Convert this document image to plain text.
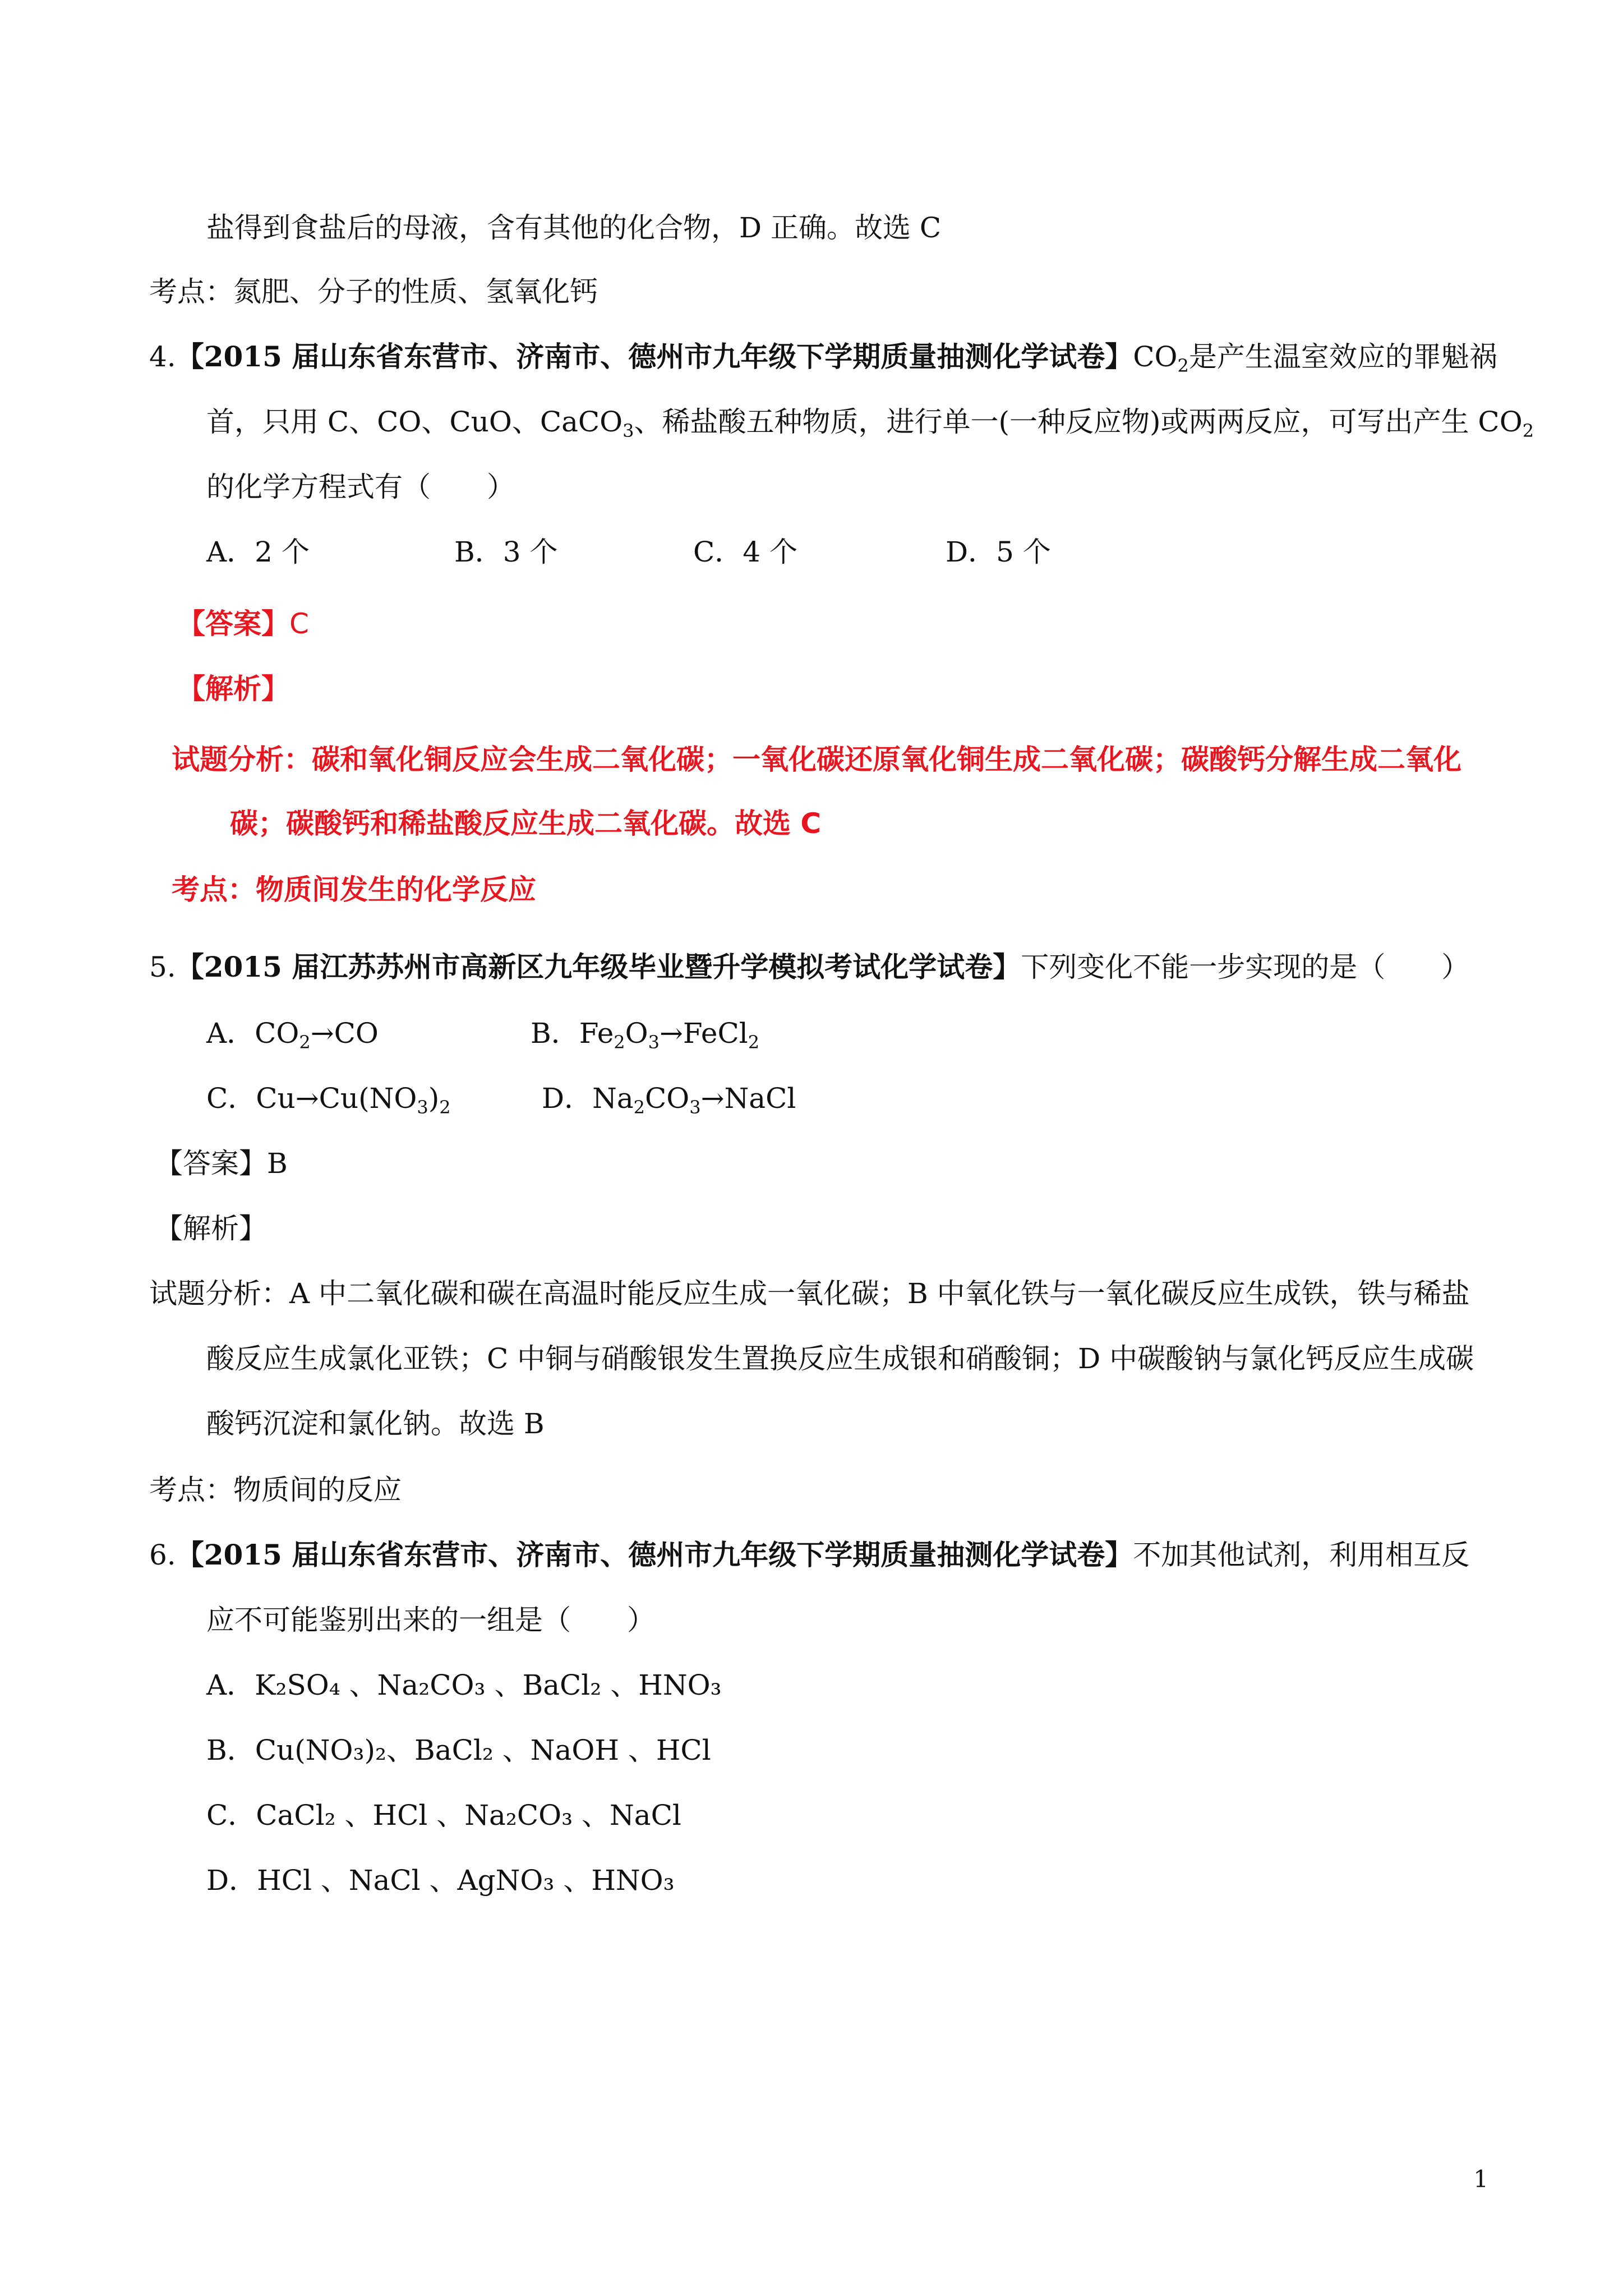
盐得到食盐后的母液，含有其他的化合物，D 正确。故选 C
考点：氮肥、分子的性质、氢氧化钙
4.【2015 届山东省东营市、济南市、德州市九年级下学期质量抽测化学试卷】$CO_2$是产生温室效应的罪魁祸
首，只用 C、CO、CuO、CaCO$_3$、稀盐酸五种物质，进行单一(一种反应物)或两两反应，可写出产生 $CO_2$
的化学方程式有（　　）
A．2 个	B．3 个	C．4 个	D．5 个
【答案】C
【解析】
试题分析：碳和氧化铜反应会生成二氧化碳；一氧化碳还原氧化铜生成二氧化碳；碳酸钙分解生成二氧化
碳；碳酸钙和稀盐酸反应生成二氧化碳。故选 C
考点：物质间发生的化学反应
5.【2015 届江苏苏州市高新区九年级毕业暨升学模拟考试化学试卷】下列变化不能一步实现的是（　　）
A．$CO_2\to CO$	B．$Fe_2O_3\to FeCl_2$
C．$Cu\to Cu(NO_3)_2$	D．$Na_2CO_3\to NaCl$
【答案】B
【解析】
试题分析：A 中二氧化碳和碳在高温时能反应生成一氧化碳；B 中氧化铁与一氧化碳反应生成铁，铁与稀盐
酸反应生成氯化亚铁；C 中铜与硝酸银发生置换反应生成银和硝酸铜；D 中碳酸钠与氯化钙反应生成碳
酸钙沉淀和氯化钠。故选 B
考点：物质间的反应
6.【2015 届山东省东营市、济南市、德州市九年级下学期质量抽测化学试卷】不加其他试剂，利用相互反
应不可能鉴别出来的一组是（　　）
A．K₂SO₄ 、Na₂CO₃ 、BaCl₂ 、HNO₃
B．Cu(NO₃)₂、BaCl₂ 、NaOH 、HCl
C．CaCl₂ 、HCl 、Na₂CO₃ 、NaCl
D．HCl 、NaCl 、AgNO₃ 、HNO₃
1
